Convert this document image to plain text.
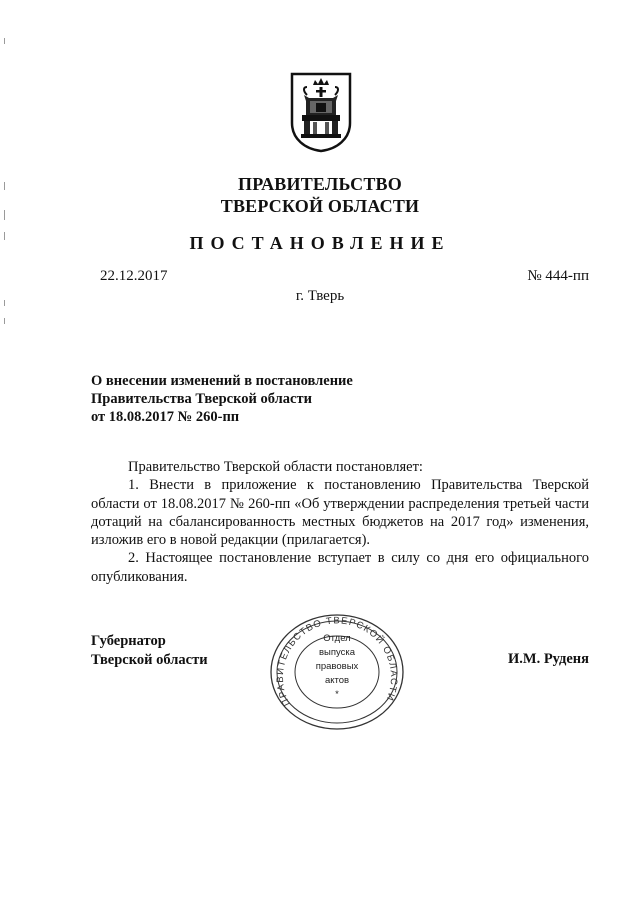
ПРАВИТЕЛЬСТВО
ТВЕРСКОЙ ОБЛАСТИ
ПОСТАНОВЛЕНИЕ
22.12.2017	№ 444-пп
г. Тверь
О внесении изменений в постановление
Правительства Тверской области
от 18.08.2017 № 260-пп

Правительство Тверской области постановляет:

1. Внести в приложение к постановлению Правительства Тверской области от 18.08.2017 № 260-пп «Об утверждении распределения третьей части дотаций на сбалансированность местных бюджетов на 2017 год» изменения, изложив его в новой редакции (прилагается).

2. Настоящее постановление вступает в силу со дня его официального опубликования.

Губернатор
Тверской области	И.М. Руденя
ПРАВИТЕЛЬСТВО ТВЕРСКОЙ ОБЛАСТИ
Отдел
выпуска
правовых
актов
*
